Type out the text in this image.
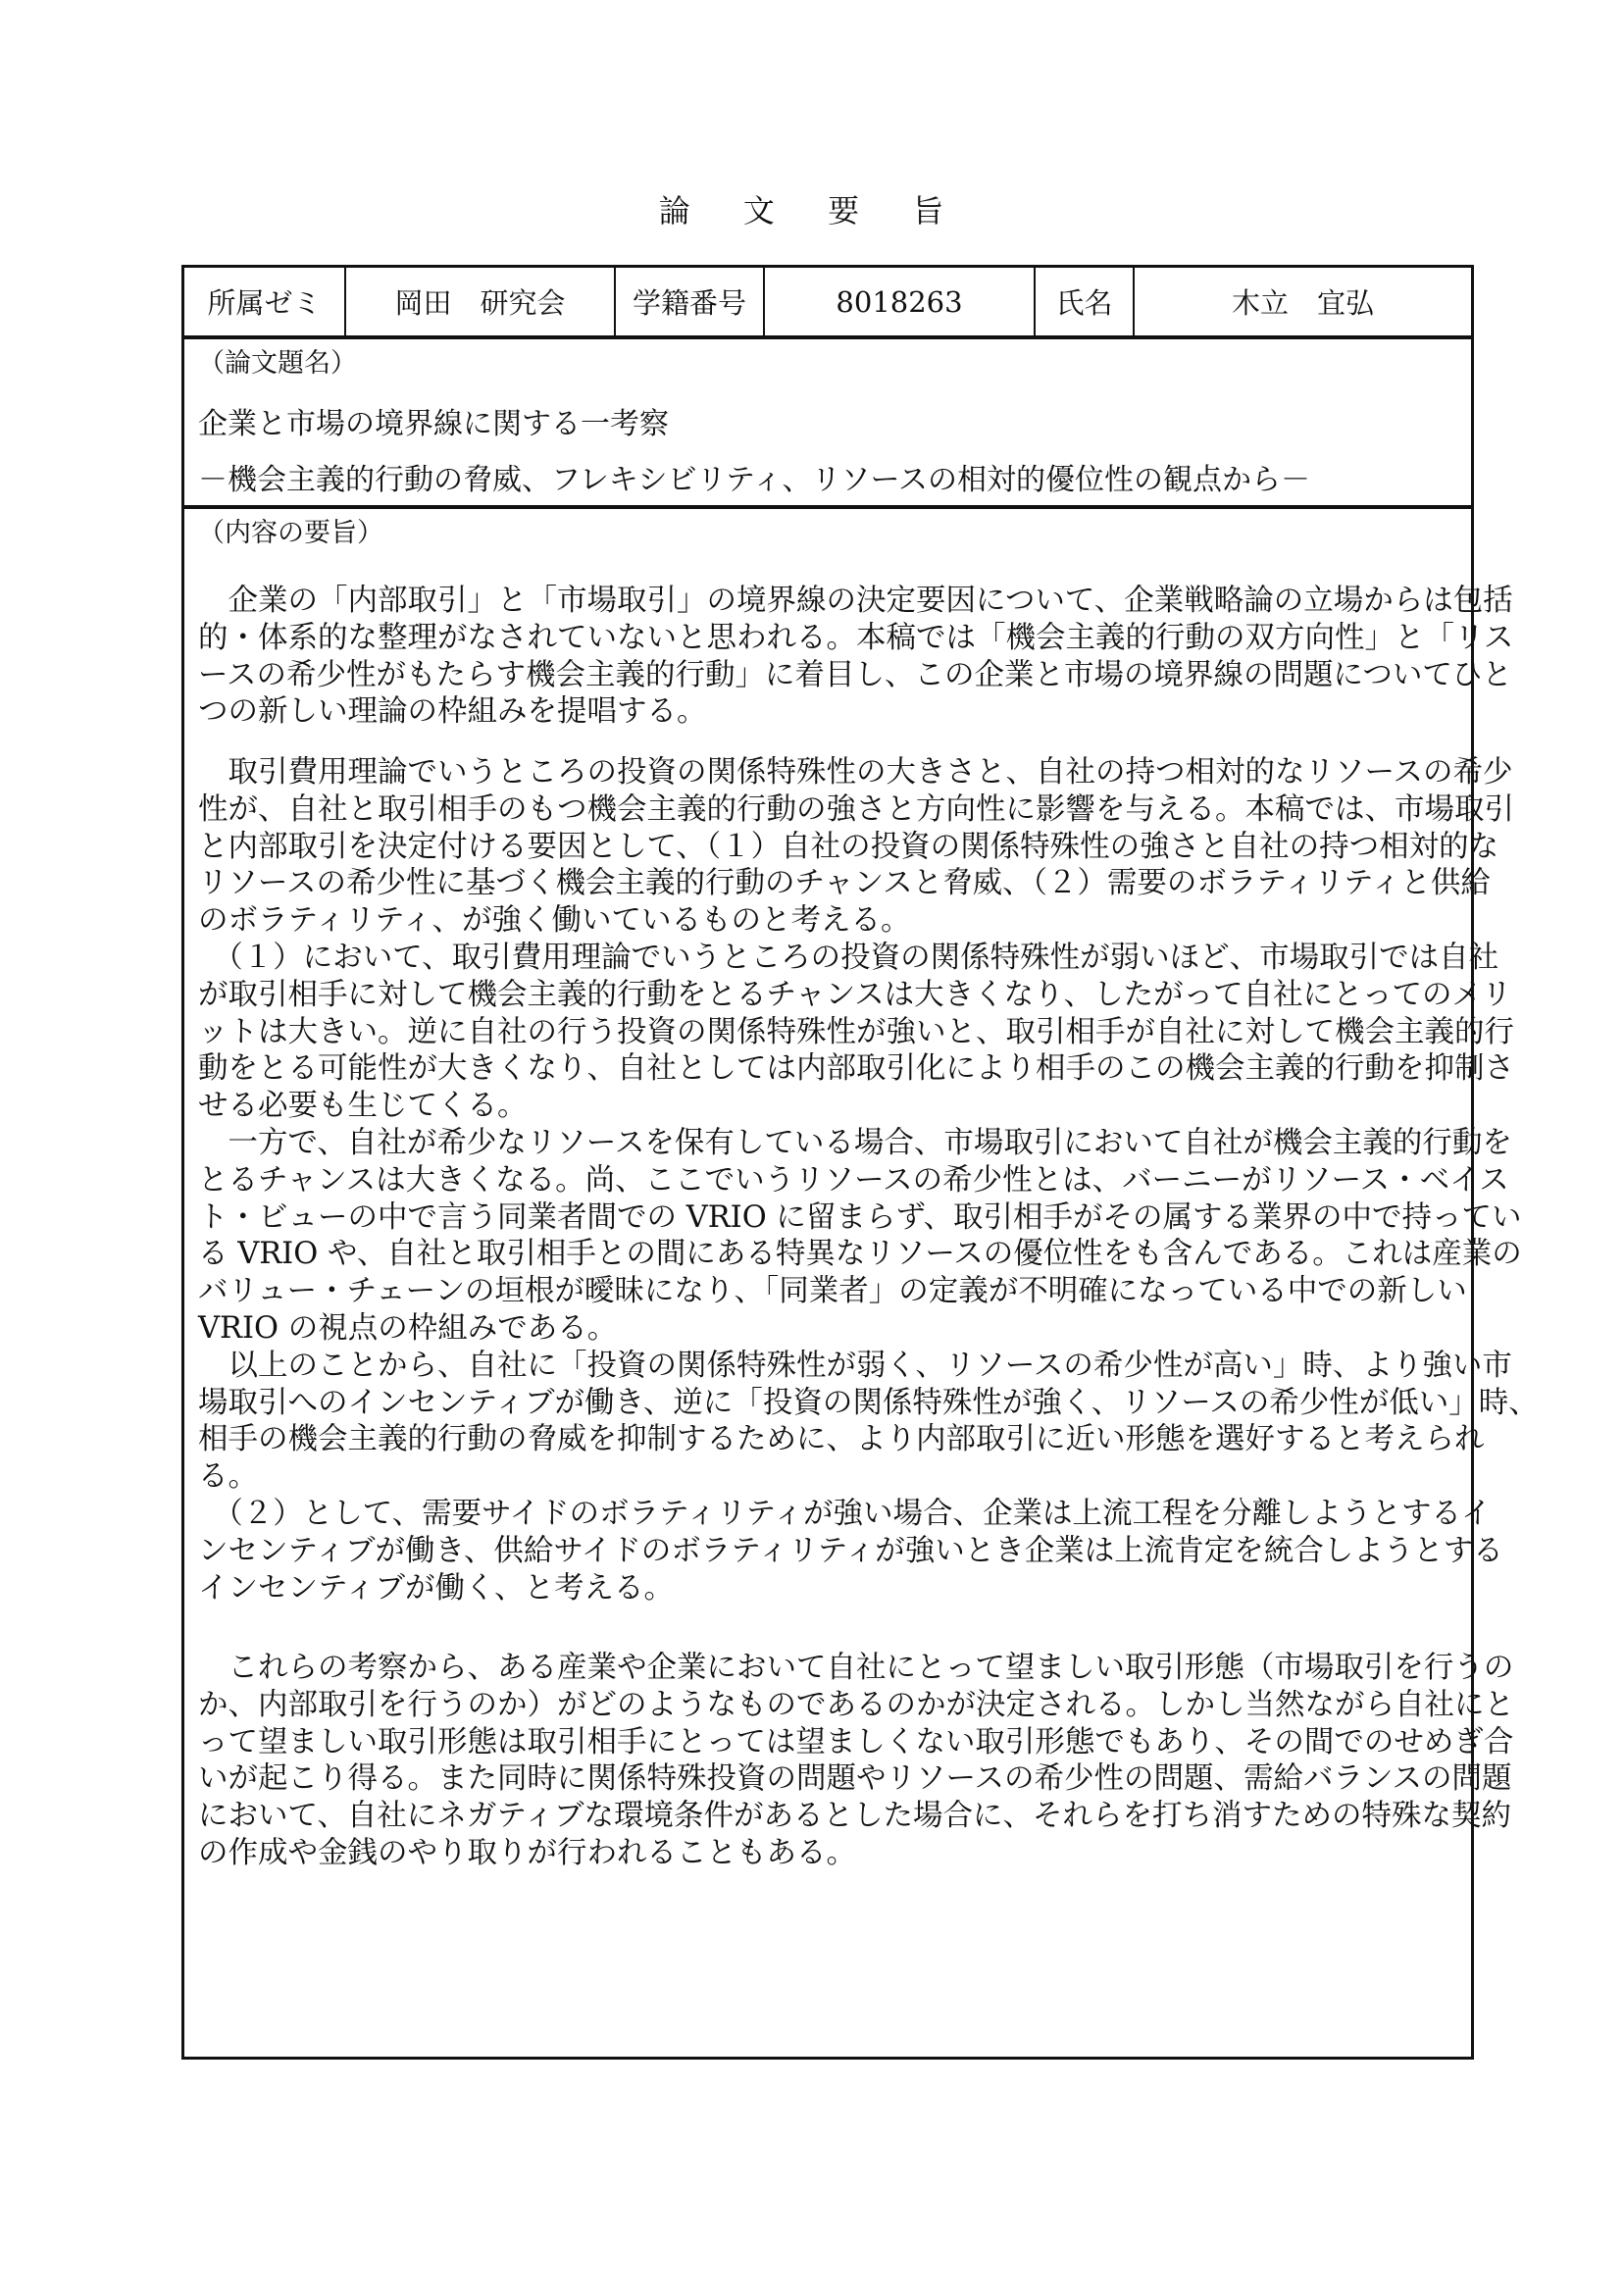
論 文 要 旨
所属ゼミ	岡田　研究会	学籍番号	8018263	氏名	木立　宜弘
（論文題名）
企業と市場の境界線に関する一考察
－機会主義的行動の脅威、フレキシビリティ、リソースの相対的優位性の観点から－
（内容の要旨）
　企業の「内部取引」と「市場取引」の境界線の決定要因について、企業戦略論の立場からは包括
的・体系的な整理がなされていないと思われる。本稿では「機会主義的行動の双方向性」と「リス
ースの希少性がもたらす機会主義的行動」に着目し、この企業と市場の境界線の問題についてひと
つの新しい理論の枠組みを提唱する。
　取引費用理論でいうところの投資の関係特殊性の大きさと、自社の持つ相対的なリソースの希少
性が、自社と取引相手のもつ機会主義的行動の強さと方向性に影響を与える。本稿では、市場取引
と内部取引を決定付ける要因として、（１）自社の投資の関係特殊性の強さと自社の持つ相対的な
リソースの希少性に基づく機会主義的行動のチャンスと脅威、（２）需要のボラティリティと供給
のボラティリティ、が強く働いているものと考える。
　（１）において、取引費用理論でいうところの投資の関係特殊性が弱いほど、市場取引では自社
が取引相手に対して機会主義的行動をとるチャンスは大きくなり、したがって自社にとってのメリ
ットは大きい。逆に自社の行う投資の関係特殊性が強いと、取引相手が自社に対して機会主義的行
動をとる可能性が大きくなり、自社としては内部取引化により相手のこの機会主義的行動を抑制さ
せる必要も生じてくる。
　一方で、自社が希少なリソースを保有している場合、市場取引において自社が機会主義的行動を
とるチャンスは大きくなる。尚、ここでいうリソースの希少性とは、バーニーがリソース・ベイス
ト・ビューの中で言う同業者間での VRIO に留まらず、取引相手がその属する業界の中で持ってい
る VRIO や、自社と取引相手との間にある特異なリソースの優位性をも含んである。これは産業の
バリュー・チェーンの垣根が曖昧になり、「同業者」の定義が不明確になっている中での新しい
VRIO の視点の枠組みである。
　以上のことから、自社に「投資の関係特殊性が弱く、リソースの希少性が高い」時、より強い市
場取引へのインセンティブが働き、逆に「投資の関係特殊性が強く、リソースの希少性が低い」時、
相手の機会主義的行動の脅威を抑制するために、より内部取引に近い形態を選好すると考えられ
る。
　（２）として、需要サイドのボラティリティが強い場合、企業は上流工程を分離しようとするイ
ンセンティブが働き、供給サイドのボラティリティが強いとき企業は上流肯定を統合しようとする
インセンティブが働く、と考える。
　これらの考察から、ある産業や企業において自社にとって望ましい取引形態（市場取引を行うの
か、内部取引を行うのか）がどのようなものであるのかが決定される。しかし当然ながら自社にと
って望ましい取引形態は取引相手にとっては望ましくない取引形態でもあり、その間でのせめぎ合
いが起こり得る。また同時に関係特殊投資の問題やリソースの希少性の問題、需給バランスの問題
において、自社にネガティブな環境条件があるとした場合に、それらを打ち消すための特殊な契約
の作成や金銭のやり取りが行われることもある。
